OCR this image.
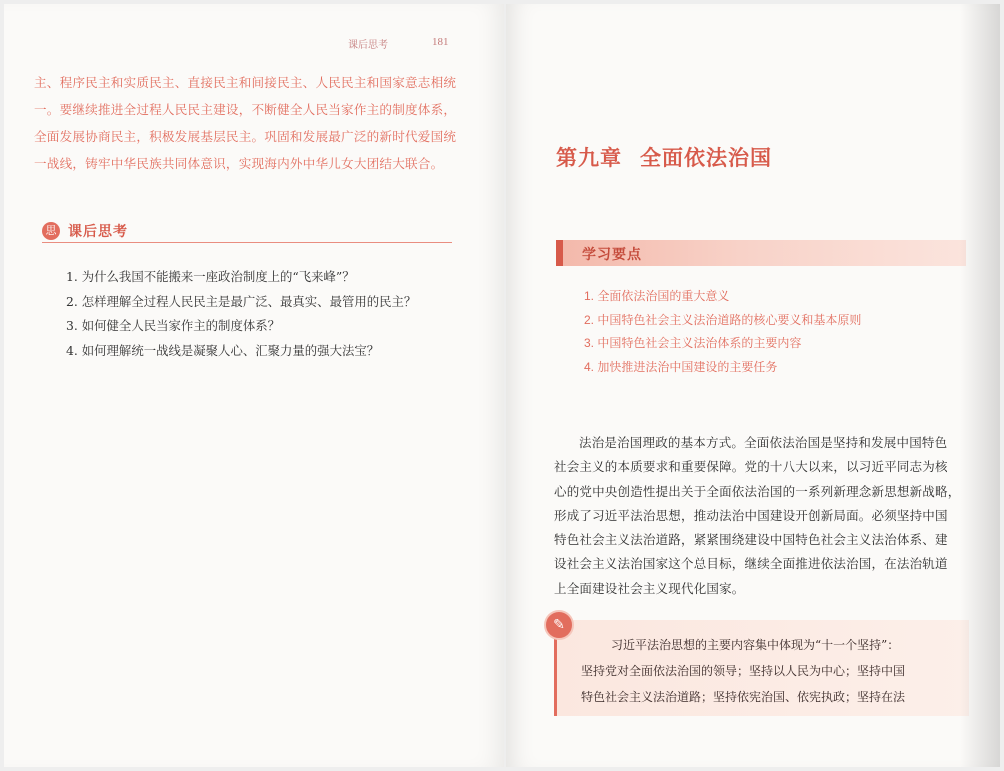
课后思考	181

主、程序民主和实质民主、直接民主和间接民主、人民民主和国家意志相统

一。要继续推进全过程人民民主建设，不断健全人民当家作主的制度体系，

全面发展协商民主，积极发展基层民主。巩固和发展最广泛的新时代爱国统

一战线，铸牢中华民族共同体意识，实现海内外中华儿女大团结大联合。

思 课后思考
1. 为什么我国不能搬来一座政治制度上的“飞来峰”？
2. 怎样理解全过程人民民主是最广泛、最真实、最管用的民主？
3. 如何健全人民当家作主的制度体系？
4. 如何理解统一战线是凝聚人心、汇聚力量的强大法宝？
第九章 全面依法治国
学习要点
1. 全面依法治国的重大意义
2. 中国特色社会主义法治道路的核心要义和基本原则
3. 中国特色社会主义法治体系的主要内容
4. 加快推进法治中国建设的主要任务

法治是治国理政的基本方式。全面依法治国是坚持和发展中国特色

社会主义的本质要求和重要保障。党的十八大以来，以习近平同志为核

心的党中央创造性提出关于全面依法治国的一系列新理念新思想新战略，

形成了习近平法治思想，推动法治中国建设开创新局面。必须坚持中国

特色社会主义法治道路，紧紧围绕建设中国特色社会主义法治体系、建

设社会主义法治国家这个总目标，继续全面推进依法治国，在法治轨道

上全面建设社会主义现代化国家。

✎

习近平法治思想的主要内容集中体现为“十一个坚持”：

坚持党对全面依法治国的领导；坚持以人民为中心；坚持中国

特色社会主义法治道路；坚持依宪治国、依宪执政；坚持在法
